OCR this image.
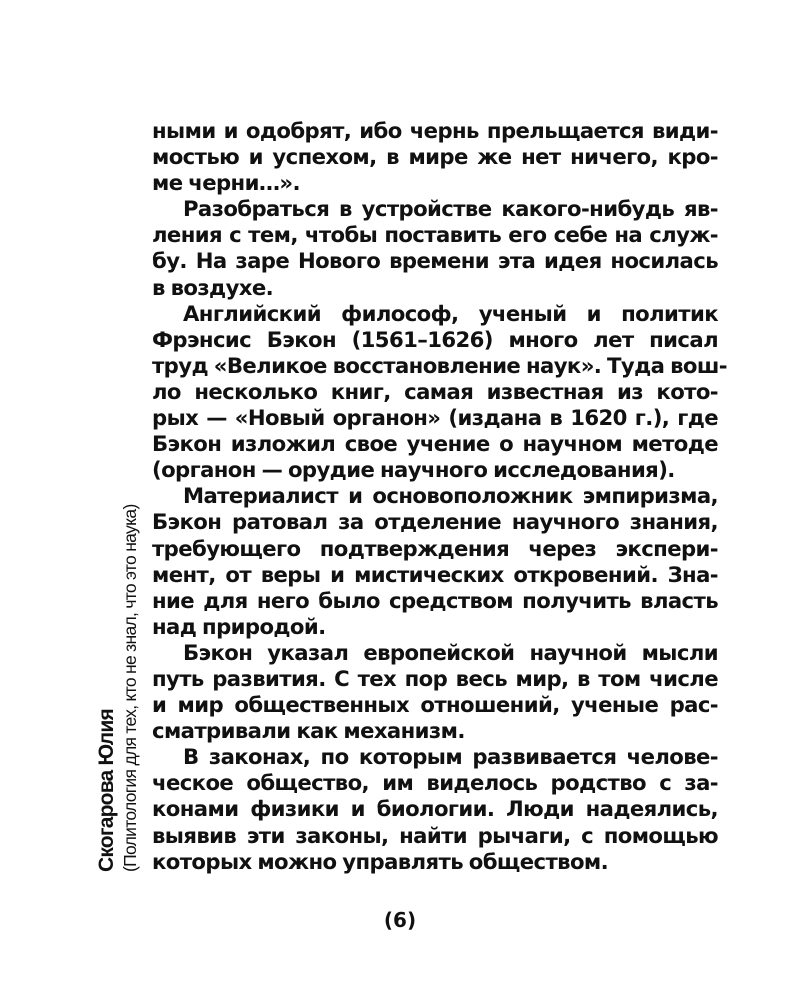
Скогарова Юлия (Политология для тех, кто не знал, что это наука)
ными и одобрят, ибо чернь прельщается види-
мостью и успехом, в мире же нет ничего, кро-
ме черни…».
Разобраться в устройстве какого-нибудь яв-
ления с тем, чтобы поставить его себе на служ-
бу. На заре Нового времени эта идея носилась
в воздухе.
Английский философ, ученый и политик
Фрэнсис Бэкон (1561–1626) много лет писал
труд «Великое восстановление наук». Туда вош-
ло несколько книг, самая известная из кото-
рых — «Новый органон» (издана в 1620 г.), где
Бэкон изложил свое учение о научном методе
(органон — орудие научного исследования).
Материалист и основоположник эмпиризма,
Бэкон ратовал за отделение научного знания,
требующего подтверждения через экспери-
мент, от веры и мистических откровений. Зна-
ние для него было средством получить власть
над природой.
Бэкон указал европейской научной мысли
путь развития. С тех пор весь мир, в том числе
и мир общественных отношений, ученые рас-
сматривали как механизм.
В законах, по которым развивается челове-
ческое общество, им виделось родство с за-
конами физики и биологии. Люди надеялись,
выявив эти законы, найти рычаги, с помощью
которых можно управлять обществом.
(6)
